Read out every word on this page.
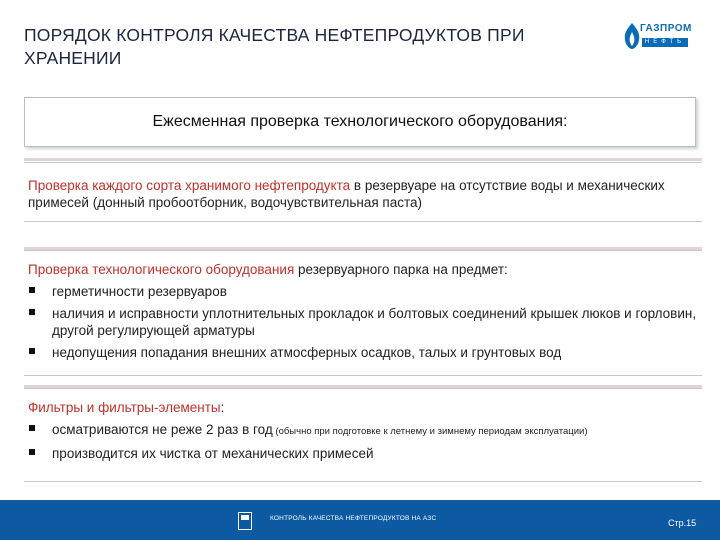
ПОРЯДОК КОНТРОЛЯ КАЧЕСТВА НЕФТЕПРОДУКТОВ ПРИ ХРАНЕНИИ
ГАЗПРОМ
НЕФТЬ
Ежесменная проверка технологического оборудования:

Проверка каждого сорта хранимого нефтепродукта в резервуаре на отсутствие воды и механических примесей (донный пробоотборник, водочувствительная паста)

Проверка технологического оборудования резервуарного парка на предмет:

герметичности резервуаров
наличия и исправности уплотнительных прокладок и болтовых соединений крышек люков и горловин, другой регулирующей арматуры
недопущения попадания внешних атмосферных осадков, талых и грунтовых вод

Фильтры и фильтры-элементы:

осматриваются не реже 2 раз в год (обычно при подготовке к летнему и зимнему периодам эксплуатации)
производится их чистка от механических примесей
КОНТРОЛЬ КАЧЕСТВА НЕФТЕПРОДУКТОВ НА АЗС	Стр.15
